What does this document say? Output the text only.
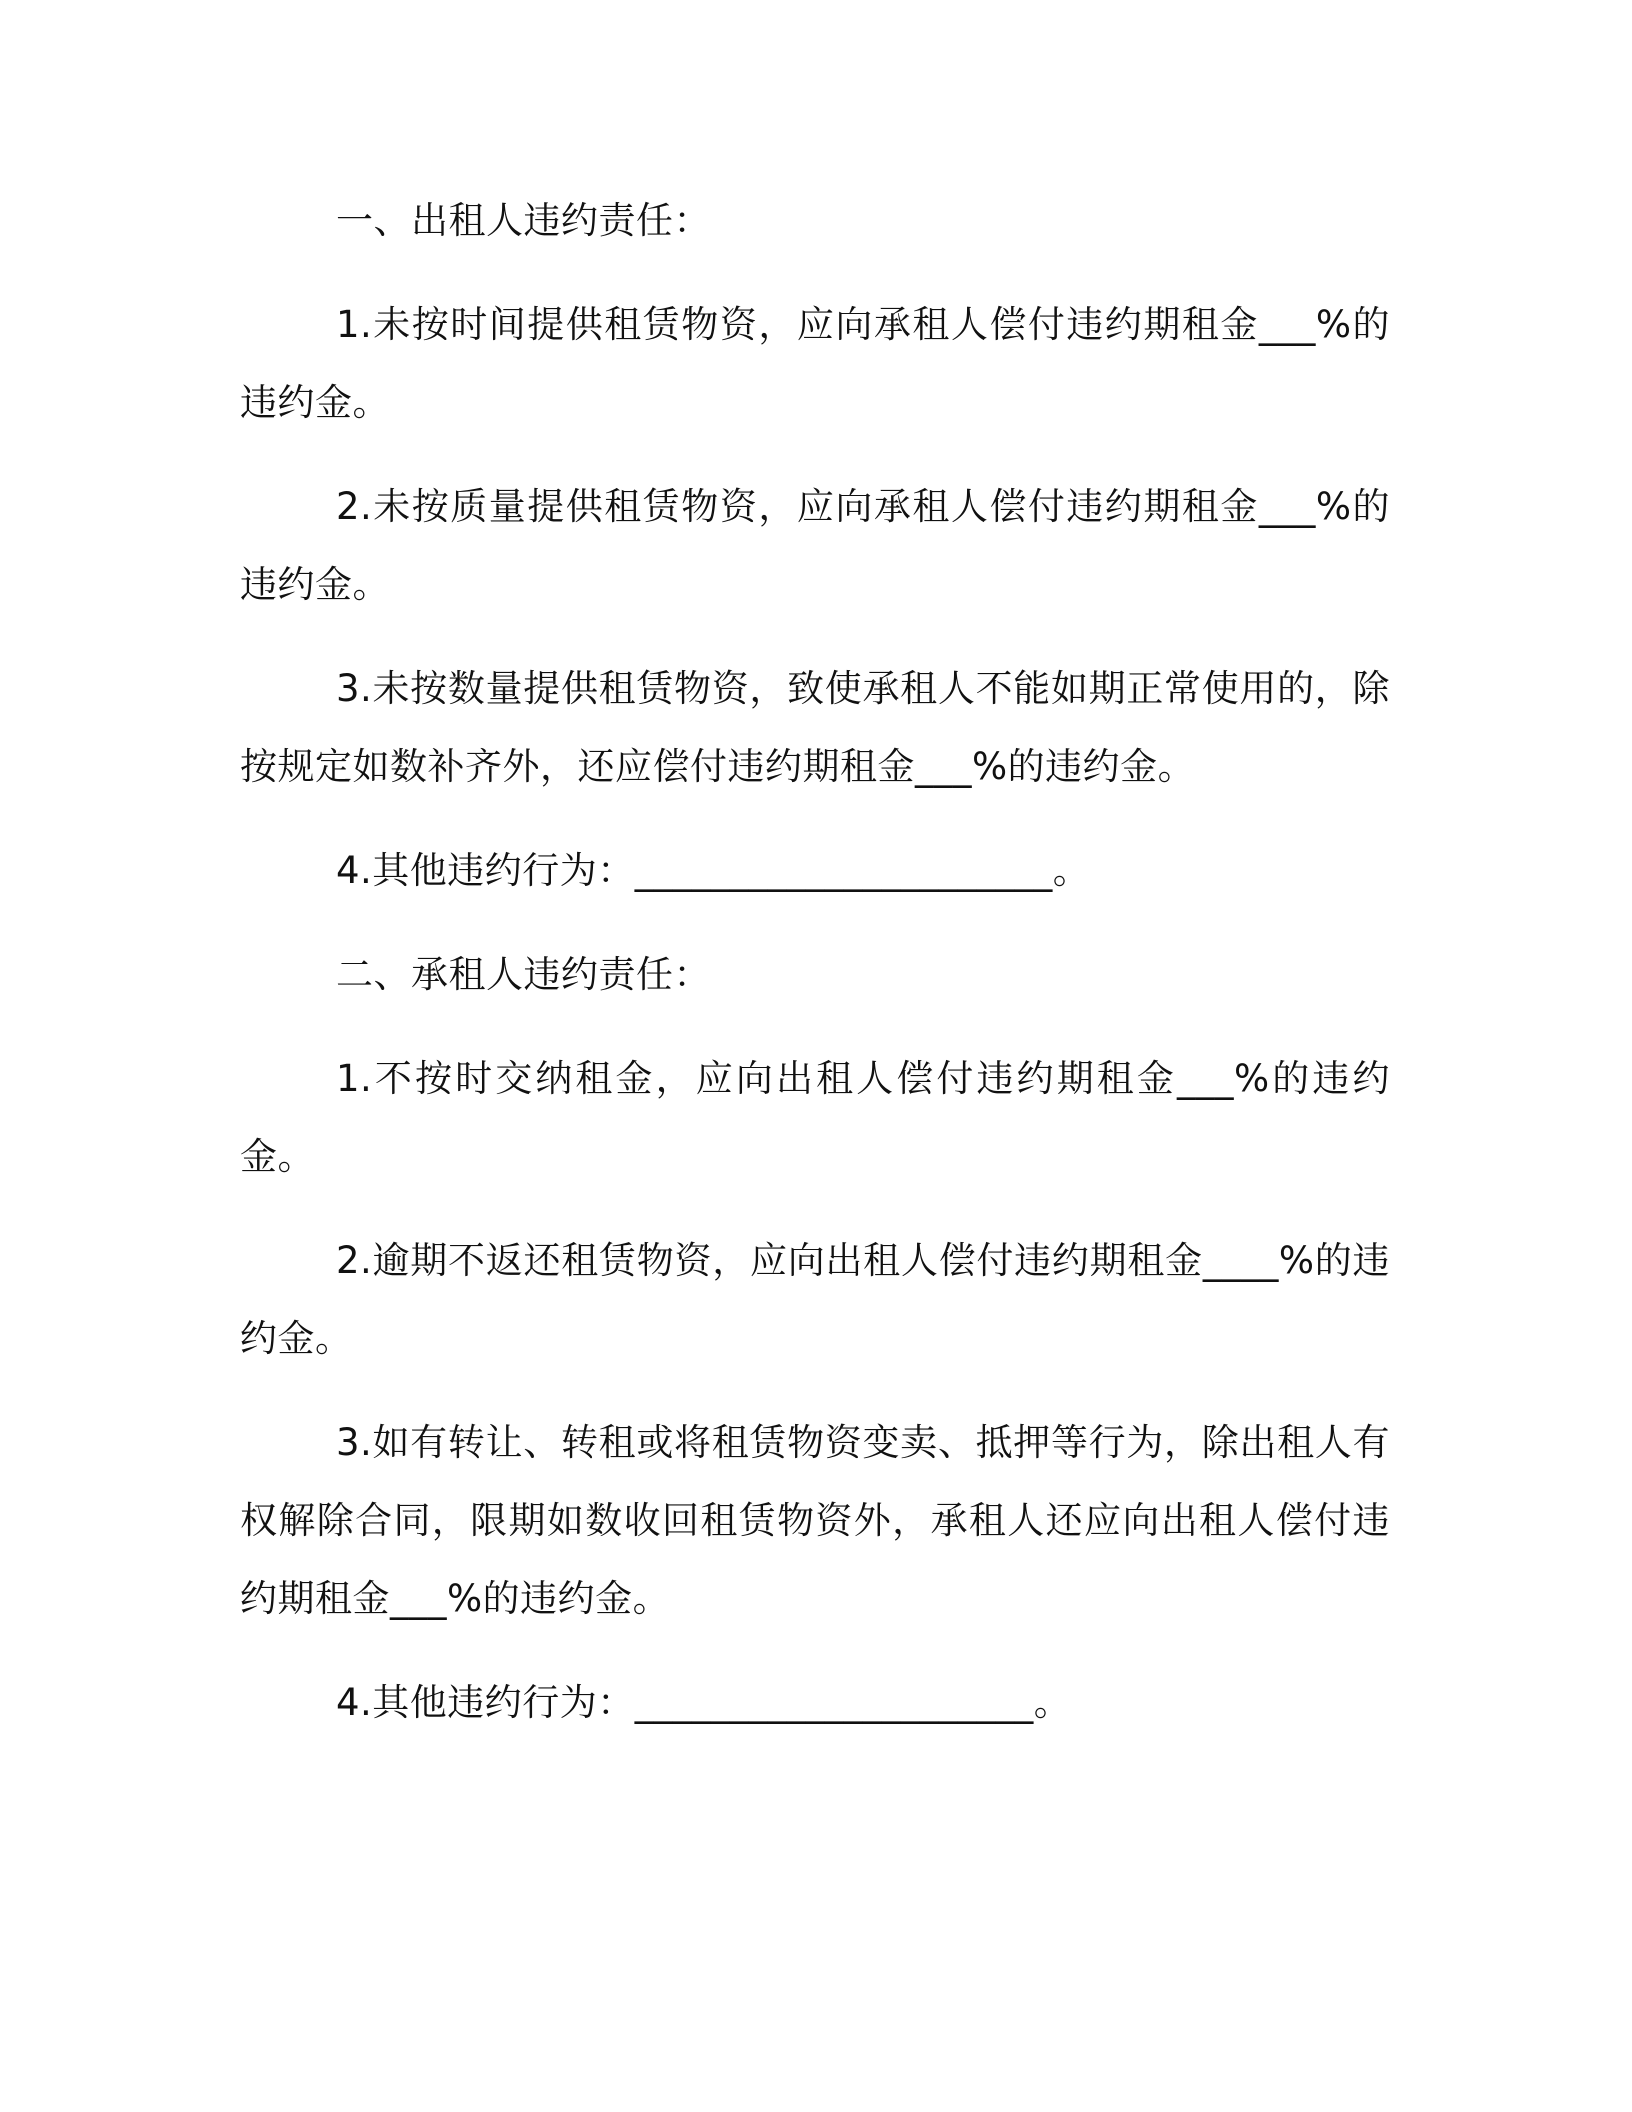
一、出租人违约责任：

1.未按时间提供租赁物资，应向承租人偿付违约期租金___%的违约金。

2.未按质量提供租赁物资，应向承租人偿付违约期租金___%的违约金。

3.未按数量提供租赁物资，致使承租人不能如期正常使用的，除按规定如数补齐外，还应偿付违约期租金___%的违约金。

4.其他违约行为：______________________。

二、承租人违约责任：

1.不按时交纳租金，应向出租人偿付违约期租金___%的违约金。

2.逾期不返还租赁物资，应向出租人偿付违约期租金____%的违约金。

3.如有转让、转租或将租赁物资变卖、抵押等行为，除出租人有权解除合同，限期如数收回租赁物资外，承租人还应向出租人偿付违约期租金___%的违约金。

4.其他违约行为：_____________________。
